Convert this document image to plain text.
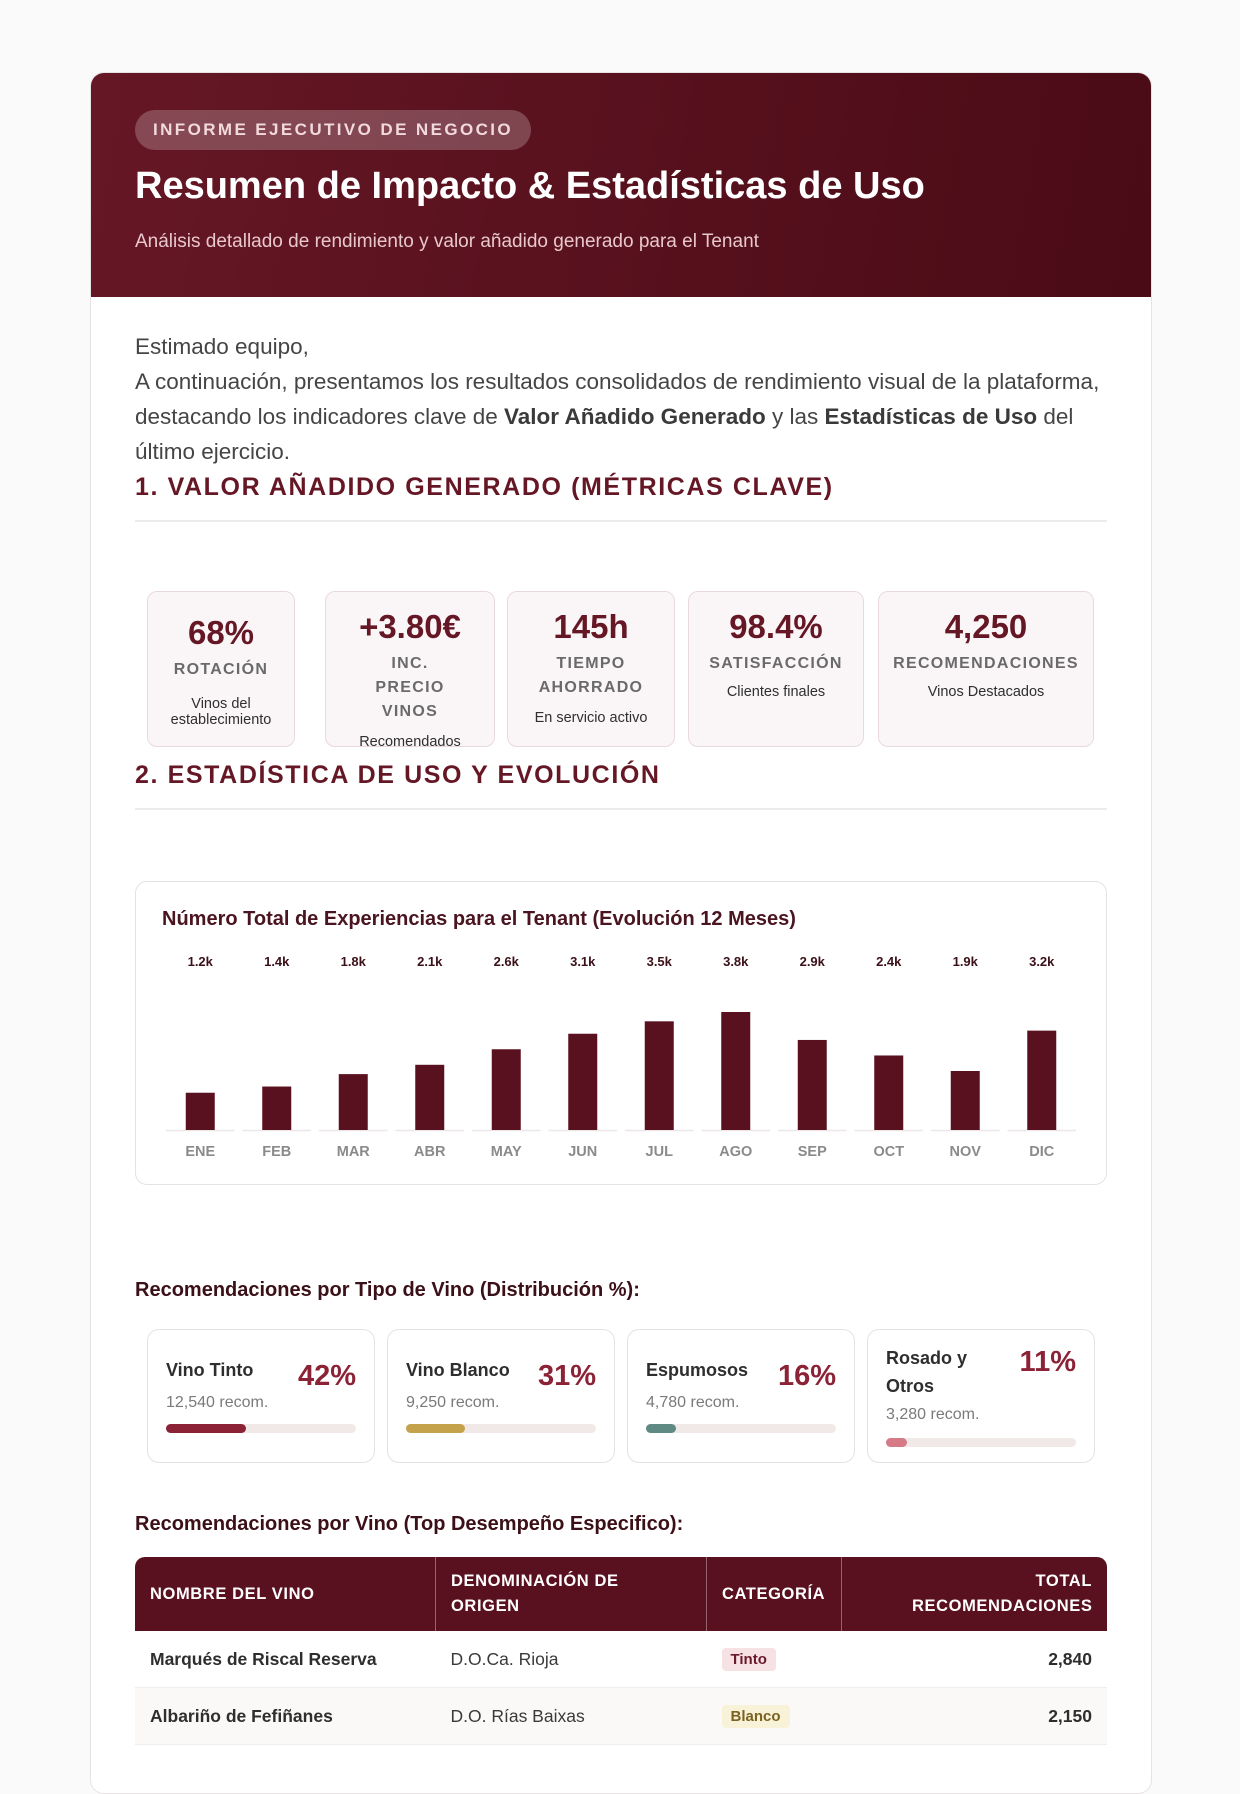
INFORME EJECUTIVO DE NEGOCIO
Resumen de Impacto & Estadísticas de Uso
Análisis detallado de rendimiento y valor añadido generado para el Tenant
Estimado equipo,
A continuación, presentamos los resultados consolidados de rendimiento visual de la plataforma, destacando los indicadores clave de Valor Añadido Generado y las Estadísticas de Uso del último ejercicio.
1. VALOR AÑADIDO GENERADO (MÉTRICAS CLAVE)
68%
ROTACIÓN
Vinos del establecimiento
+3.80€
INC. PRECIO VINOS
Recomendados
145h
TIEMPO AHORRADO
En servicio activo
98.4%
SATISFACCIÓN
Clientes finales
4,250
RECOMENDACIONES
Vinos Destacados
2. ESTADÍSTICA DE USO Y EVOLUCIÓN
Número Total de Experiencias para el Tenant (Evolución 12 Meses)
1.2k
ENE
1.4k
FEB
1.8k
MAR
2.1k
ABR
2.6k
MAY
3.1k
JUN
3.5k
JUL
3.8k
AGO
2.9k
SEP
2.4k
OCT
1.9k
NOV
3.2k
DIC
Recomendaciones por Tipo de Vino (Distribución %):
Vino Tinto 42%
12,540 recom.
Vino Blanco 31%
9,250 recom.
Espumosos 16%
4,780 recom.
Rosado y Otros
11%
3,280 recom.
Recomendaciones por Vino (Top Desempeño Especifico):
NOMBRE DEL VINO	DENOMINACIÓN DE ORIGEN	CATEGORÍA	TOTAL RECOMENDACIONES

Marqués de Riscal Reserva	D.O.Ca. Rioja	Tinto	2,840
Albariño de Fefiñanes	D.O. Rías Baixas	Blanco	2,150
